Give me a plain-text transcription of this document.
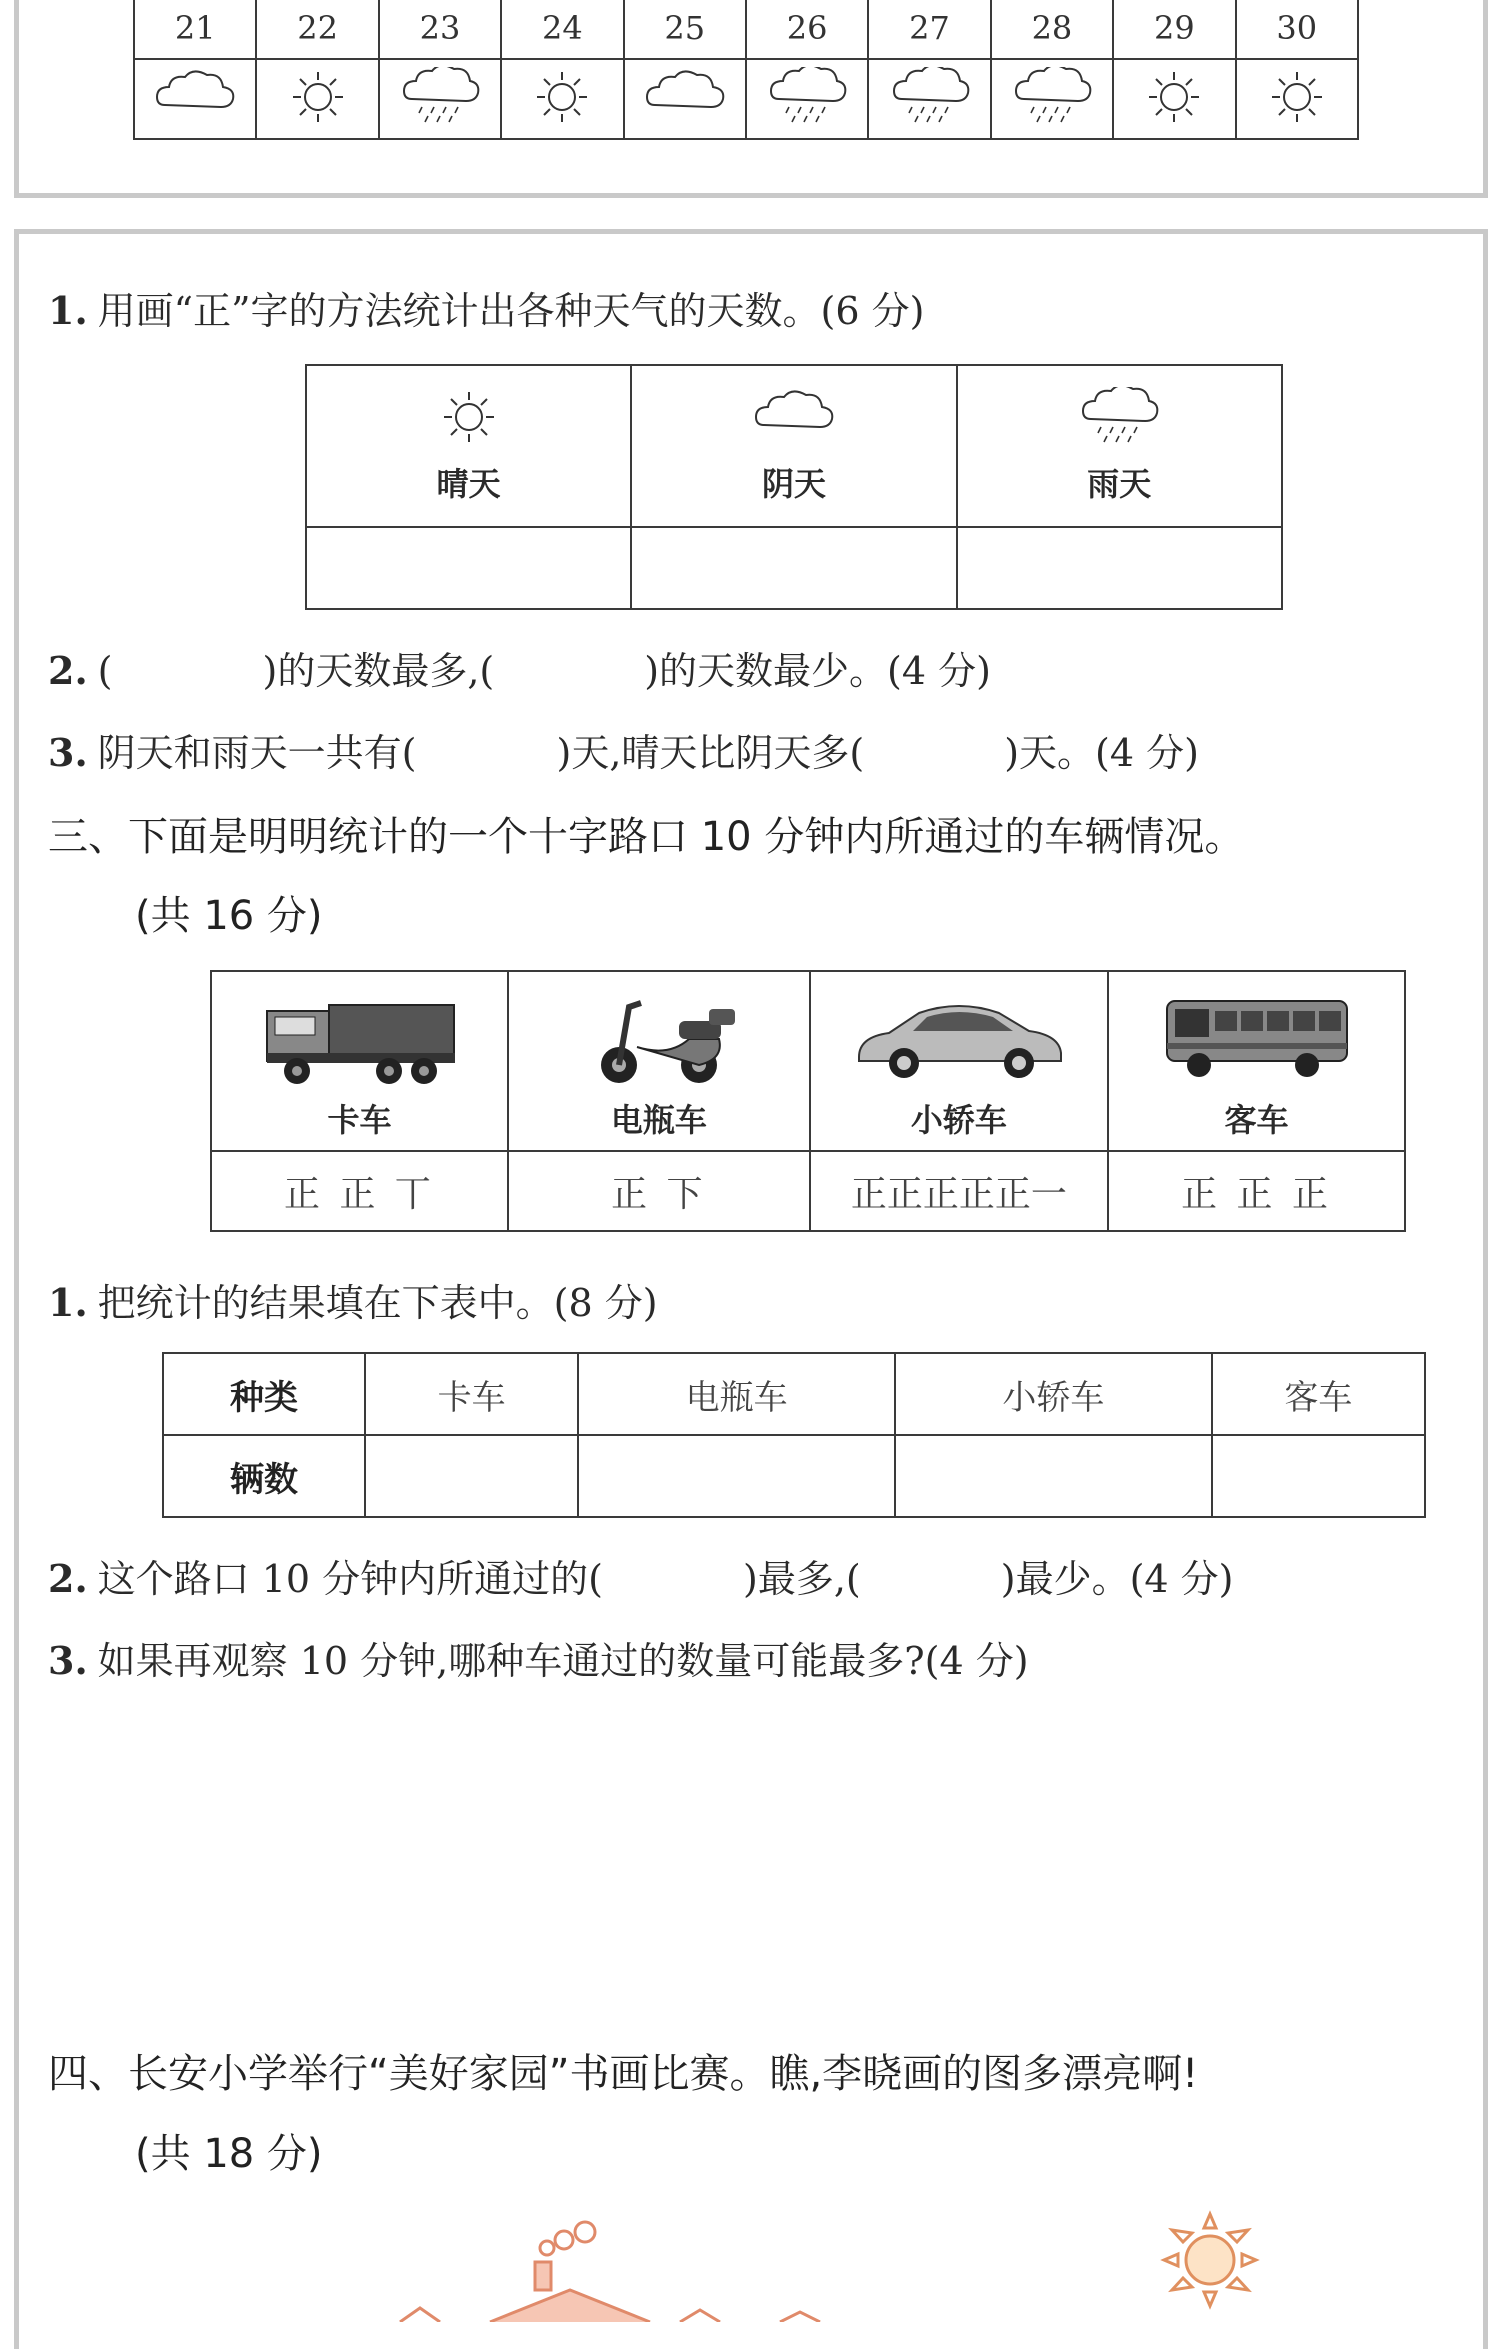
21	22	23	24	25	26	27	28	29	30

1. 用画“正”字的方法统计出各种天气的天数。(6 分)
晴天	阴天	雨天

2. (	)的天数最多,(	)的天数最少。(4 分)
3. 阴天和雨天一共有(	)天,晴天比阴天多(	)天。(4 分)
三、下面是明明统计的一个十字路口 10 分钟内所通过的车辆情况。
(共 16 分)
卡车	电瓶车	小轿车	客车

正 正 丅	正 下	正正正正正一	正 正 正
1. 把统计的结果填在下表中。(8 分)
种类	卡车	电瓶车	小轿车	客车
辆数				
2. 这个路口 10 分钟内所通过的(	)最多,(	)最少。(4 分)
3. 如果再观察 10 分钟,哪种车通过的数量可能最多?(4 分)
四、长安小学举行“美好家园”书画比赛。瞧,李晓画的图多漂亮啊!
(共 18 分)
